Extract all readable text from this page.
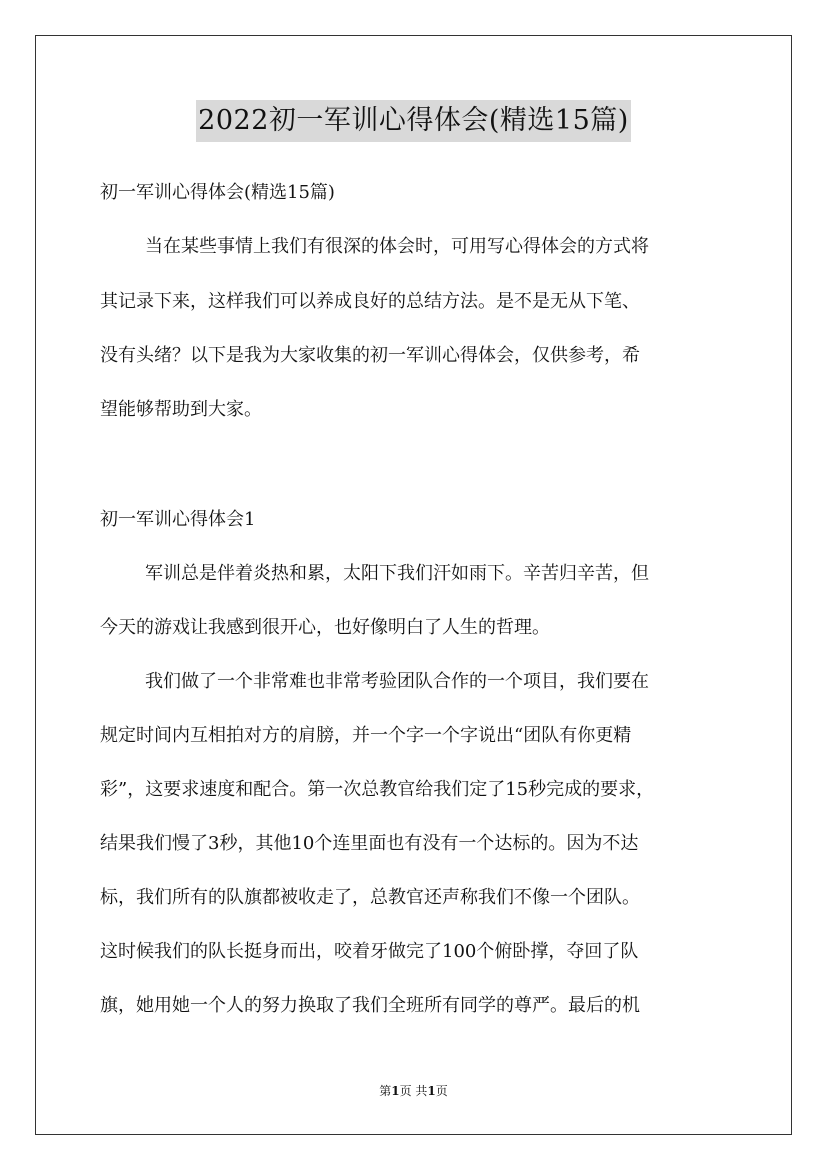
2022初一军训心得体会(精选15篇)
初一军训心得体会(精选15篇)
当在某些事情上我们有很深的体会时，可用写心得体会的方式将
其记录下来，这样我们可以养成良好的总结方法。是不是无从下笔、
没有头绪？以下是我为大家收集的初一军训心得体会，仅供参考，希
望能够帮助到大家。
初一军训心得体会1
军训总是伴着炎热和累，太阳下我们汗如雨下。辛苦归辛苦，但
今天的游戏让我感到很开心，也好像明白了人生的哲理。
我们做了一个非常难也非常考验团队合作的一个项目，我们要在
规定时间内互相拍对方的肩膀，并一个字一个字说出“团队有你更精
彩”，这要求速度和配合。第一次总教官给我们定了15秒完成的要求，
结果我们慢了3秒，其他10个连里面也有没有一个达标的。因为不达
标，我们所有的队旗都被收走了，总教官还声称我们不像一个团队。
这时候我们的队长挺身而出，咬着牙做完了100个俯卧撑，夺回了队
旗，她用她一个人的努力换取了我们全班所有同学的尊严。最后的机
第1页 共1页
